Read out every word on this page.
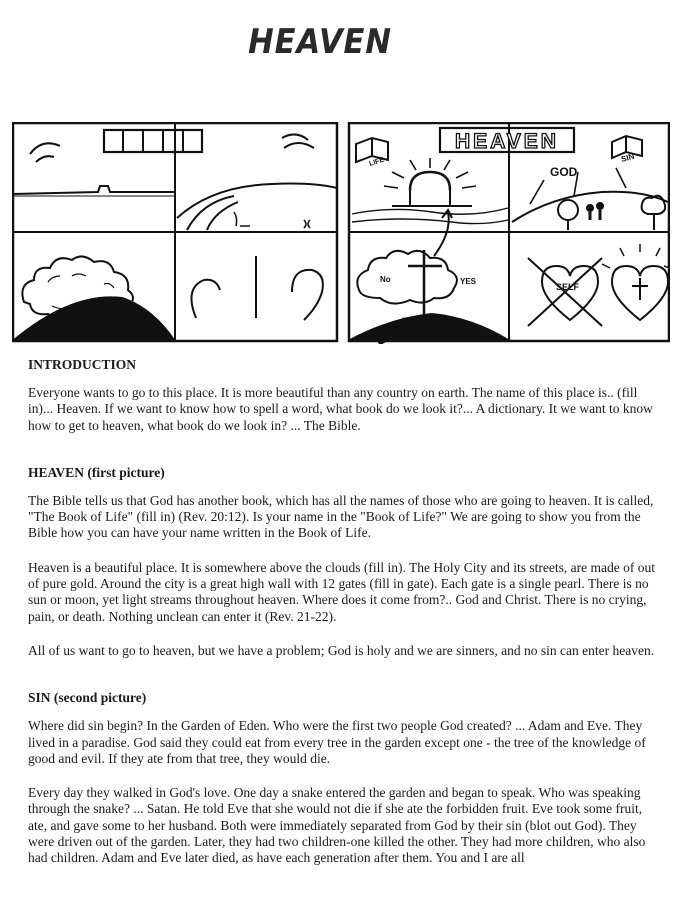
HEAVEN
HEAVEN
LIFE	SIN
GOD
No	YES
SELF
INTRODUCTION

Everyone wants to go to this place. It is more beautiful than any country on earth. The name of this place is.. (fill in)... Heaven. If we want to know how to spell a word, what book do we look it?... A dictionary. It we want to know how to get to heaven, what book do we look in? ... The Bible.

HEAVEN (first picture)

The Bible tells us that God has another book, which has all the names of those who are going to heaven. It is called, "The Book of Life" (fill in) (Rev. 20:12). Is your name in the "Book of Life?" We are going to show you from the Bible how you can have your name written in the Book of Life.

Heaven is a beautiful place. It is somewhere above the clouds (fill in). The Holy City and its streets, are made of out of pure gold. Around the city is a great high wall with 12 gates (fill in gate). Each gate is a single pearl. There is no sun or moon, yet light streams throughout heaven. Where does it come from?.. God and Christ. There is no crying, pain, or death. Nothing unclean can enter it (Rev. 21-22).

All of us want to go to heaven, but we have a problem; God is holy and we are sinners, and no sin can enter heaven.

SIN (second picture)

Where did sin begin? In the Garden of Eden. Who were the first two people God created? ... Adam and Eve. They lived in a paradise. God said they could eat from every tree in the garden except one - the tree of the knowledge of good and evil. If they ate from that tree, they would die.

Every day they walked in God's love. One day a snake entered the garden and began to speak. Who was speaking through the snake? ... Satan. He told Eve that she would not die if she ate the forbidden fruit. Eve took some fruit, ate, and gave some to her husband. Both were immediately separated from God by their sin (blot out God). They were driven out of the garden. Later, they had two children-one killed the other. They had more children, who also had children. Adam and Eve later died, as have each generation after them. You and I are all
